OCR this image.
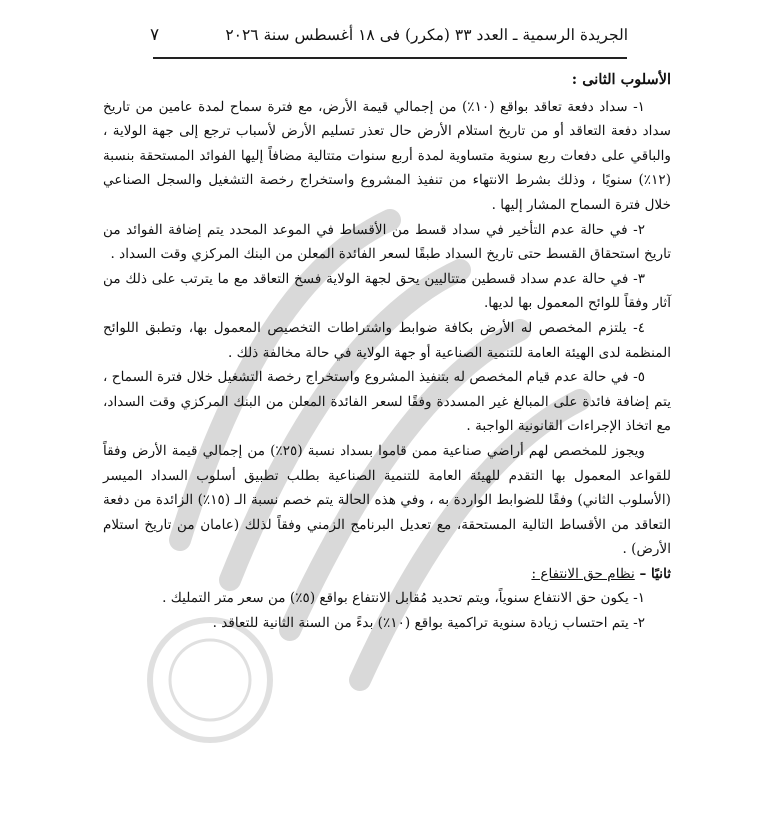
الجريدة الرسمية ـ العدد ٣٣ (مكرر) فى ١٨ أغسطس سنة ٢٠٢٦
٧

الأسلوب الثانى :

١- سداد دفعة تعاقد بواقع (١٠٪) من إجمالي قيمة الأرض، مع فترة سماح لمدة عامين من تاريخ سداد دفعة التعاقد أو من تاريخ استلام الأرض حال تعذر تسليم الأرض لأسباب ترجع إلى جهة الولاية ، والباقي على دفعات ربع سنوية متساوية لمدة أربع سنوات متتالية مضافاً إليها الفوائد المستحقة بنسبة (١٢٪) سنويًا ، وذلك بشرط الانتهاء من تنفيذ المشروع واستخراج رخصة التشغيل والسجل الصناعي خلال فترة السماح المشار إليها .

٢- في حالة عدم التأخير في سداد قسط من الأقساط في الموعد المحدد يتم إضافة الفوائد من تاريخ استحقاق القسط حتى تاريخ السداد طبقًا لسعر الفائدة المعلن من البنك المركزي وقت السداد .

٣- في حالة عدم سداد قسطين متتاليين يحق لجهة الولاية فسخ التعاقد مع ما يترتب على ذلك من آثار وفقاً للوائح المعمول بها لديها.

٤- يلتزم المخصص له الأرض بكافة ضوابط واشتراطات التخصيص المعمول بها، وتطبق اللوائح المنظمة لدى الهيئة العامة للتنمية الصناعية أو جهة الولاية في حالة مخالفة ذلك .

٥- في حالة عدم قيام المخصص له بتنفيذ المشروع واستخراج رخصة التشغيل خلال فترة السماح ، يتم إضافة فائدة على المبالغ غير المسددة وفقًا لسعر الفائدة المعلن من البنك المركزي وقت السداد، مع اتخاذ الإجراءات القانونية الواجبة .

ويجوز للمخصص لهم أراضي صناعية ممن قاموا بسداد نسبة (٢٥٪) من إجمالي قيمة الأرض وفقاً للقواعد المعمول بها التقدم للهيئة العامة للتنمية الصناعية بطلب تطبيق أسلوب السداد الميسر (الأسلوب الثاني) وفقًا للضوابط الواردة به ، وفي هذه الحالة يتم خصم نسبة الـ (١٥٪) الزائدة من دفعة التعاقد من الأقساط التالية المستحقة، مع تعديل البرنامج الزمني وفقاً لذلك (عامان من تاريخ استلام الأرض) .

ثانيًا – نظام حق الانتفاع :

١- يكون حق الانتفاع سنوياً، ويتم تحديد مُقابل الانتفاع بواقع (٥٪) من سعر متر التمليك .

٢- يتم احتساب زيادة سنوية تراكمية بواقع (١٠٪) بدءً من السنة الثانية للتعاقد .
